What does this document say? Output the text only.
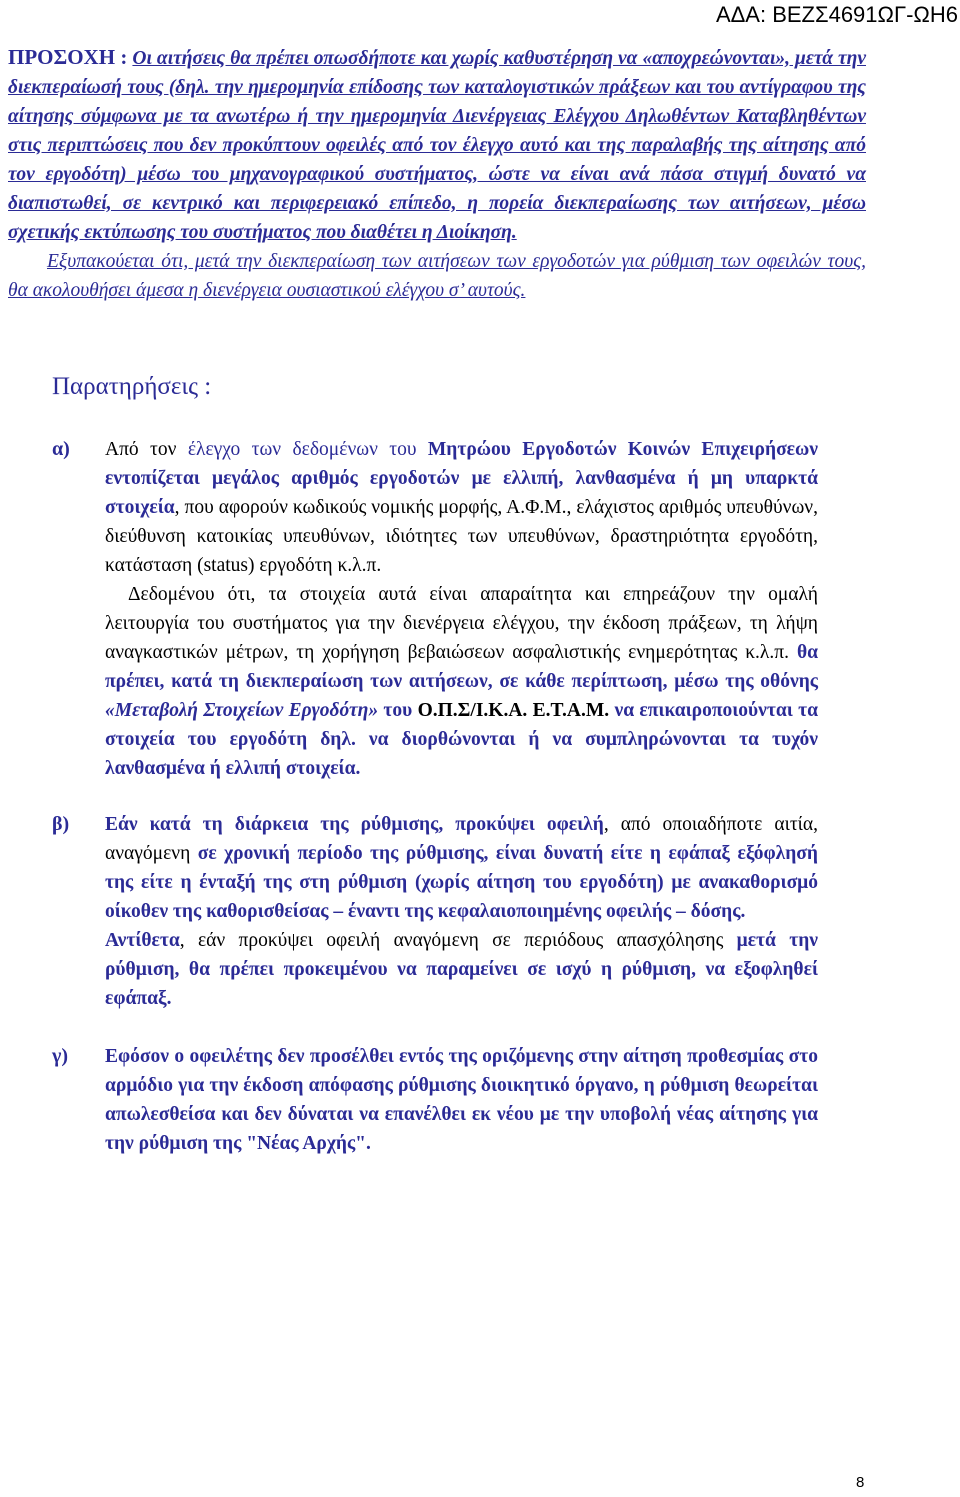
ΑΔΑ: ΒΕΖΣ4691ΩΓ-ΩΗ6

ΠΡΟΣΟΧΗ : Οι αιτήσεις θα πρέπει οπωσδήποτε και χωρίς καθυστέρηση να «αποχρεώνονται», μετά την διεκπεραίωσή τους (δηλ. την ημερομηνία επίδοσης των καταλογιστικών πράξεων και του αντίγραφου της αίτησης σύμφωνα με τα ανωτέρω ή την ημερομηνία Διενέργειας Ελέγχου Δηλωθέντων Καταβληθέντων στις περιπτώσεις που δεν προκύπτουν οφειλές από τον έλεγχο αυτό και της παραλαβής της αίτησης από τον εργοδότη) μέσω του μηχανογραφικού συστήματος, ώστε να είναι ανά πάσα στιγμή δυνατό να διαπιστωθεί, σε κεντρικό και περιφερειακό επίπεδο, η πορεία διεκπεραίωσης των αιτήσεων, μέσω σχετικής εκτύπωσης του συστήματος που διαθέτει η Διοίκηση.

Εξυπακούεται ότι, μετά την διεκπεραίωση των αιτήσεων των εργοδοτών για ρύθμιση των οφειλών τους, θα ακολουθήσει άμεσα η διενέργεια ουσιαστικού ελέγχου σ’ αυτούς.

Παρατηρήσεις :
α)	Από τον έλεγχο των δεδομένων του Μητρώου Εργοδοτών Κοινών Επιχειρήσεων εντοπίζεται μεγάλος αριθμός εργοδοτών με ελλιπή, λανθασμένα ή μη υπαρκτά στοιχεία, που αφορούν κωδικούς νομικής μορφής, Α.Φ.Μ., ελάχιστος αριθμός υπευθύνων, διεύθυνση κατοικίας υπευθύνων, ιδιότητες των υπευθύνων, δραστηριότητα εργοδότη, κατάσταση (status) εργοδότη κ.λ.π.

Δεδομένου ότι, τα στοιχεία αυτά είναι απαραίτητα και επηρεάζουν την ομαλή λειτουργία του συστήματος για την διενέργεια ελέγχου, την έκδοση πράξεων, τη λήψη αναγκαστικών μέτρων, τη χορήγηση βεβαιώσεων ασφαλιστικής ενημερότητας κ.λ.π. θα πρέπει, κατά τη διεκπεραίωση των αιτήσεων, σε κάθε περίπτωση, μέσω της οθόνης «Μεταβολή Στοιχείων Εργοδότη» του Ο.Π.Σ/Ι.Κ.Α. Ε.Τ.Α.Μ. να επικαιροποιούνται τα στοιχεία του εργοδότη δηλ. να διορθώνονται ή να συμπληρώνονται τα τυχόν λανθασμένα ή ελλιπή στοιχεία.

β)	Εάν κατά τη διάρκεια της ρύθμισης, προκύψει οφειλή, από οποιαδήποτε αιτία, αναγόμενη σε χρονική περίοδο της ρύθμισης, είναι δυνατή είτε η εφάπαξ εξόφλησή της είτε η ένταξή της στη ρύθμιση (χωρίς αίτηση του εργοδότη) με ανακαθορισμό οίκοθεν της καθορισθείσας – έναντι της κεφαλαιοποιημένης οφειλής – δόσης.

Αντίθετα, εάν προκύψει οφειλή αναγόμενη σε περιόδους απασχόλησης μετά την ρύθμιση, θα πρέπει προκειμένου να παραμείνει σε ισχύ η ρύθμιση, να εξοφληθεί εφάπαξ.

γ)	Εφόσον ο οφειλέτης δεν προσέλθει εντός της οριζόμενης στην αίτηση προθεσμίας στο αρμόδιο για την έκδοση απόφασης ρύθμισης διοικητικό όργανο, η ρύθμιση θεωρείται απωλεσθείσα και δεν δύναται να επανέλθει εκ νέου με την υποβολή νέας αίτησης για την ρύθμιση της "Νέας Αρχής".

8
